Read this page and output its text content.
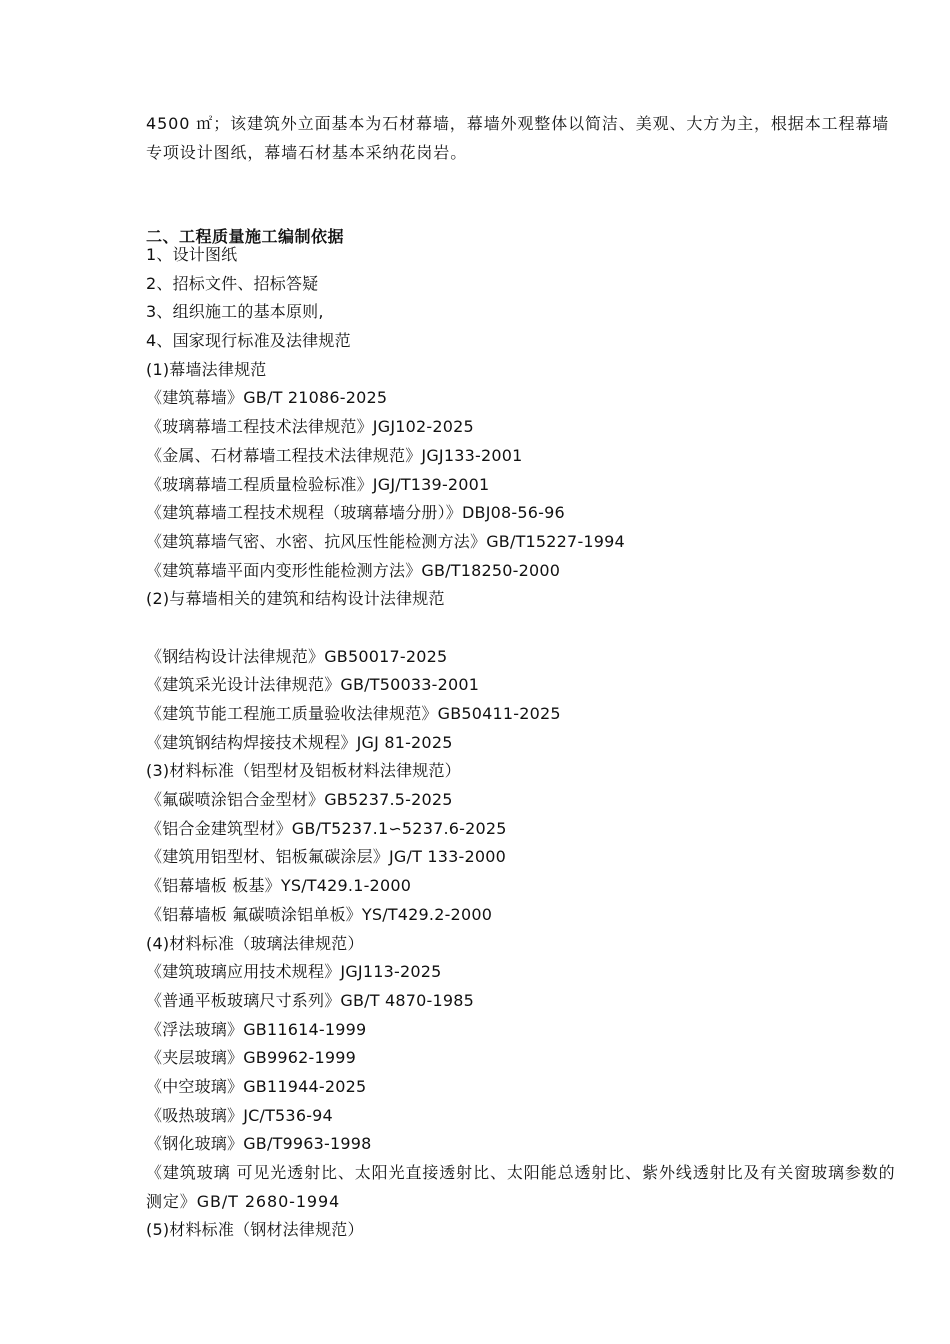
4500 ㎡；该建筑外立面基本为石材幕墙，幕墙外观整体以简洁、美观、大方为主，根据本工程幕墙专项设计图纸，幕墙石材基本采纳花岗岩。

二、工程质量施工编制依据
1、设计图纸
2、招标文件、招标答疑
3、组织施工的基本原则,
4、国家现行标准及法律规范
(1)幕墙法律规范
《建筑幕墙》GB/T 21086-2025
《玻璃幕墙工程技术法律规范》JGJ102-2025
《金属、石材幕墙工程技术法律规范》JGJ133-2001
《玻璃幕墙工程质量检验标准》JGJ/T139-2001
《建筑幕墙工程技术规程（玻璃幕墙分册）》DBJ08-56-96
《建筑幕墙气密、水密、抗风压性能检测方法》GB/T15227-1994
《建筑幕墙平面内变形性能检测方法》GB/T18250-2000
(2)与幕墙相关的建筑和结构设计法律规范
《钢结构设计法律规范》GB50017-2025
《建筑采光设计法律规范》GB/T50033-2001
《建筑节能工程施工质量验收法律规范》GB50411-2025
《建筑钢结构焊接技术规程》JGJ 81-2025
(3)材料标准（铝型材及铝板材料法律规范）
《氟碳喷涂铝合金型材》GB5237.5-2025
《铝合金建筑型材》GB/T5237.1∽5237.6-2025
《建筑用铝型材、铝板氟碳涂层》JG/T 133-2000
《铝幕墙板 板基》YS/T429.1-2000
《铝幕墙板 氟碳喷涂铝单板》YS/T429.2-2000
(4)材料标准（玻璃法律规范）
《建筑玻璃应用技术规程》JGJ113-2025
《普通平板玻璃尺寸系列》GB/T 4870-1985
《浮法玻璃》GB11614-1999
《夹层玻璃》GB9962-1999
《中空玻璃》GB11944-2025
《吸热玻璃》JC/T536-94
《钢化玻璃》GB/T9963-1998
《建筑玻璃 可见光透射比、太阳光直接透射比、太阳能总透射比、紫外线透射比及有关窗玻璃参数的测定》GB/T 2680-1994
(5)材料标准（钢材法律规范）
